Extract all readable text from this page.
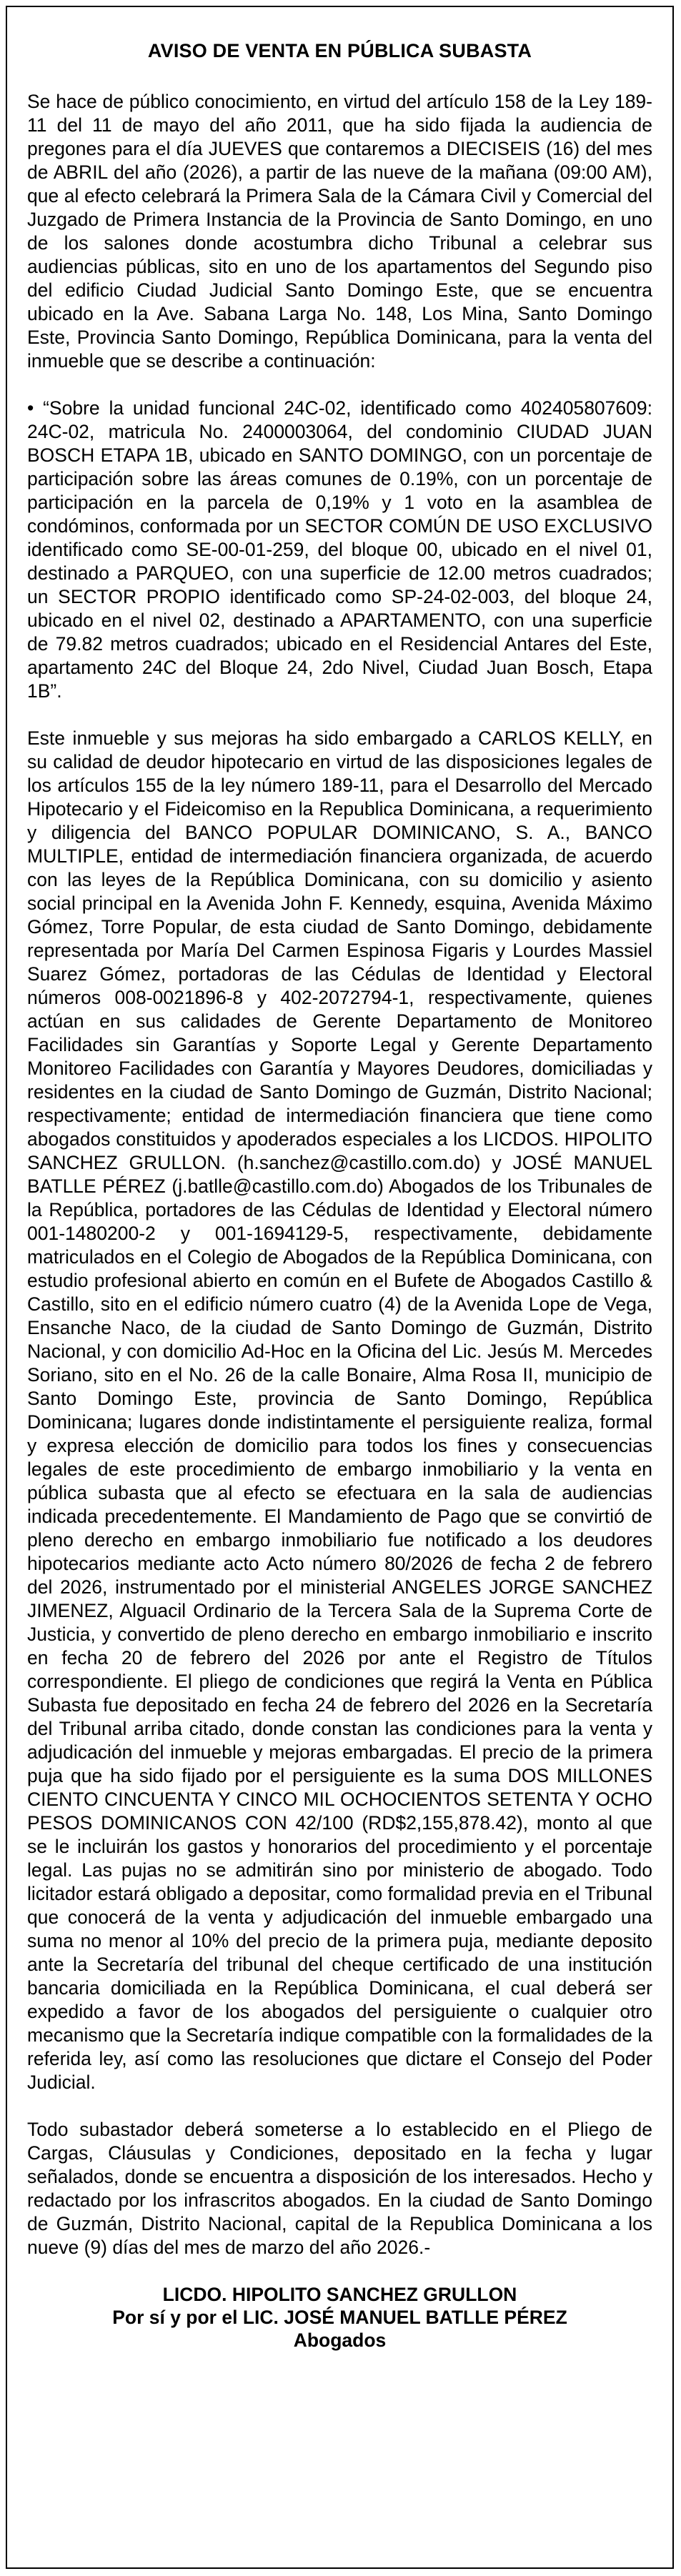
AVISO DE VENTA EN PÚBLICA SUBASTA

Se hace de público conocimiento, en virtud del artículo 158 de la Ley 189-11 del 11 de mayo del año 2011, que ha sido fijada la audiencia de pregones para el día JUEVES que contaremos a DIECISEIS (16) del mes de ABRIL del año (2026), a partir de las nueve de la mañana (09:00 AM), que al efecto celebrará la Primera Sala de la Cámara Civil y Comercial del Juzgado de Primera Instancia de la Provincia de Santo Domingo, en uno de los salones donde acostumbra dicho Tribunal a celebrar sus audiencias públicas, sito en uno de los apartamentos del Segundo piso del edificio Ciudad Judicial Santo Domingo Este, que se encuentra ubicado en la Ave. Sabana Larga No. 148, Los Mina, Santo Domingo Este, Provincia Santo Domingo, República Dominicana, para la venta del inmueble que se describe a continuación:

• “Sobre la unidad funcional 24C-02, identificado como 402405807609: 24C-02, matricula No. 2400003064, del condominio CIUDAD JUAN BOSCH ETAPA 1B, ubicado en SANTO DOMINGO, con un porcentaje de participación sobre las áreas comunes de 0.19%, con un porcentaje de participación en la parcela de 0,19% y 1 voto en la asamblea de condóminos, conformada por un SECTOR COMÚN DE USO EXCLUSIVO identificado como SE-00-01-259, del bloque 00, ubicado en el nivel 01, destinado a PARQUEO, con una superficie de 12.00 metros cuadrados; un SECTOR PROPIO identificado como SP-24-02-003, del bloque 24, ubicado en el nivel 02, destinado a APARTAMENTO, con una superficie de 79.82 metros cuadrados; ubicado en el Residencial Antares del Este, apartamento 24C del Bloque 24, 2do Nivel, Ciudad Juan Bosch, Etapa 1B”.

Este inmueble y sus mejoras ha sido embargado a CARLOS KELLY, en su calidad de deudor hipotecario en virtud de las disposiciones legales de los artículos 155 de la ley número 189-11, para el Desarrollo del Mercado Hipotecario y el Fideicomiso en la Republica Dominicana, a requerimiento y diligencia del BANCO POPULAR DOMINICANO, S. A., BANCO MULTIPLE, entidad de intermediación financiera organizada, de acuerdo con las leyes de la República Dominicana, con su domicilio y asiento social principal en la Avenida John F. Kennedy, esquina, Avenida Máximo Gómez, Torre Popular, de esta ciudad de Santo Domingo, debidamente representada por María Del Carmen Espinosa Figaris y Lourdes Massiel Suarez Gómez, portadoras de las Cédulas de Identidad y Electoral números 008-0021896-8 y 402-2072794-1, respectivamente, quienes actúan en sus calidades de Gerente Departamento de Monitoreo Facilidades sin Garantías y Soporte Legal y Gerente Departamento Monitoreo Facilidades con Garantía y Mayores Deudores, domiciliadas y residentes en la ciudad de Santo Domingo de Guzmán, Distrito Nacional; respectivamente; entidad de intermediación financiera que tiene como abogados constituidos y apoderados especiales a los LICDOS. HIPOLITO SANCHEZ GRULLON. (h.sanchez@castillo.com.do) y JOSÉ MANUEL BATLLE PÉREZ (j.batlle@castillo.com.do) Abogados de los Tribunales de la República, portadores de las Cédulas de Identidad y Electoral número 001-1480200-2 y 001-1694129-5, respectivamente, debidamente matriculados en el Colegio de Abogados de la República Dominicana, con estudio profesional abierto en común en el Bufete de Abogados Castillo & Castillo, sito en el edificio número cuatro (4) de la Avenida Lope de Vega, Ensanche Naco, de la ciudad de Santo Domingo de Guzmán, Distrito Nacional, y con domicilio Ad-Hoc en la Oficina del Lic. Jesús M. Mercedes Soriano, sito en el No. 26 de la calle Bonaire, Alma Rosa II, municipio de Santo Domingo Este, provincia de Santo Domingo, República Dominicana; lugares donde indistintamente el persiguiente realiza, formal y expresa elección de domicilio para todos los fines y consecuencias legales de este procedimiento de embargo inmobiliario y la venta en pública subasta que al efecto se efectuara en la sala de audiencias indicada precedentemente. El Mandamiento de Pago que se convirtió de pleno derecho en embargo inmobiliario fue notificado a los deudores hipotecarios mediante acto Acto número 80/2026 de fecha 2 de febrero del 2026, instrumentado por el ministerial ANGELES JORGE SANCHEZ JIMENEZ, Alguacil Ordinario de la Tercera Sala de la Suprema Corte de Justicia, y convertido de pleno derecho en embargo inmobiliario e inscrito en fecha 20 de febrero del 2026 por ante el Registro de Títulos correspondiente. El pliego de condiciones que regirá la Venta en Pública Subasta fue depositado en fecha 24 de febrero del 2026 en la Secretaría del Tribunal arriba citado, donde constan las condiciones para la venta y adjudicación del inmueble y mejoras embargadas. El precio de la primera puja que ha sido fijado por el persiguiente es la suma DOS MILLONES CIENTO CINCUENTA Y CINCO MIL OCHOCIENTOS SETENTA Y OCHO PESOS DOMINICANOS CON 42/100 (RD$2,155,878.42), monto al que se le incluirán los gastos y honorarios del procedimiento y el porcentaje legal. Las pujas no se admitirán sino por ministerio de abogado. Todo licitador estará obligado a depositar, como formalidad previa en el Tribunal que conocerá de la venta y adjudicación del inmueble embargado una suma no menor al 10% del precio de la primera puja, mediante deposito ante la Secretaría del tribunal del cheque certificado de una institución bancaria domiciliada en la República Dominicana, el cual deberá ser expedido a favor de los abogados del persiguiente o cualquier otro mecanismo que la Secretaría indique compatible con la formalidades de la referida ley, así como las resoluciones que dictare el Consejo del Poder Judicial.

Todo subastador deberá someterse a lo establecido en el Pliego de Cargas, Cláusulas y Condiciones, depositado en la fecha y lugar señalados, donde se encuentra a disposición de los interesados. Hecho y redactado por los infrascritos abogados. En la ciudad de Santo Domingo de Guzmán, Distrito Nacional, capital de la Republica Dominicana a los nueve (9) días del mes de marzo del año 2026.-

LICDO. HIPOLITO SANCHEZ GRULLON
Por sí y por el LIC. JOSÉ MANUEL BATLLE PÉREZ
Abogados
